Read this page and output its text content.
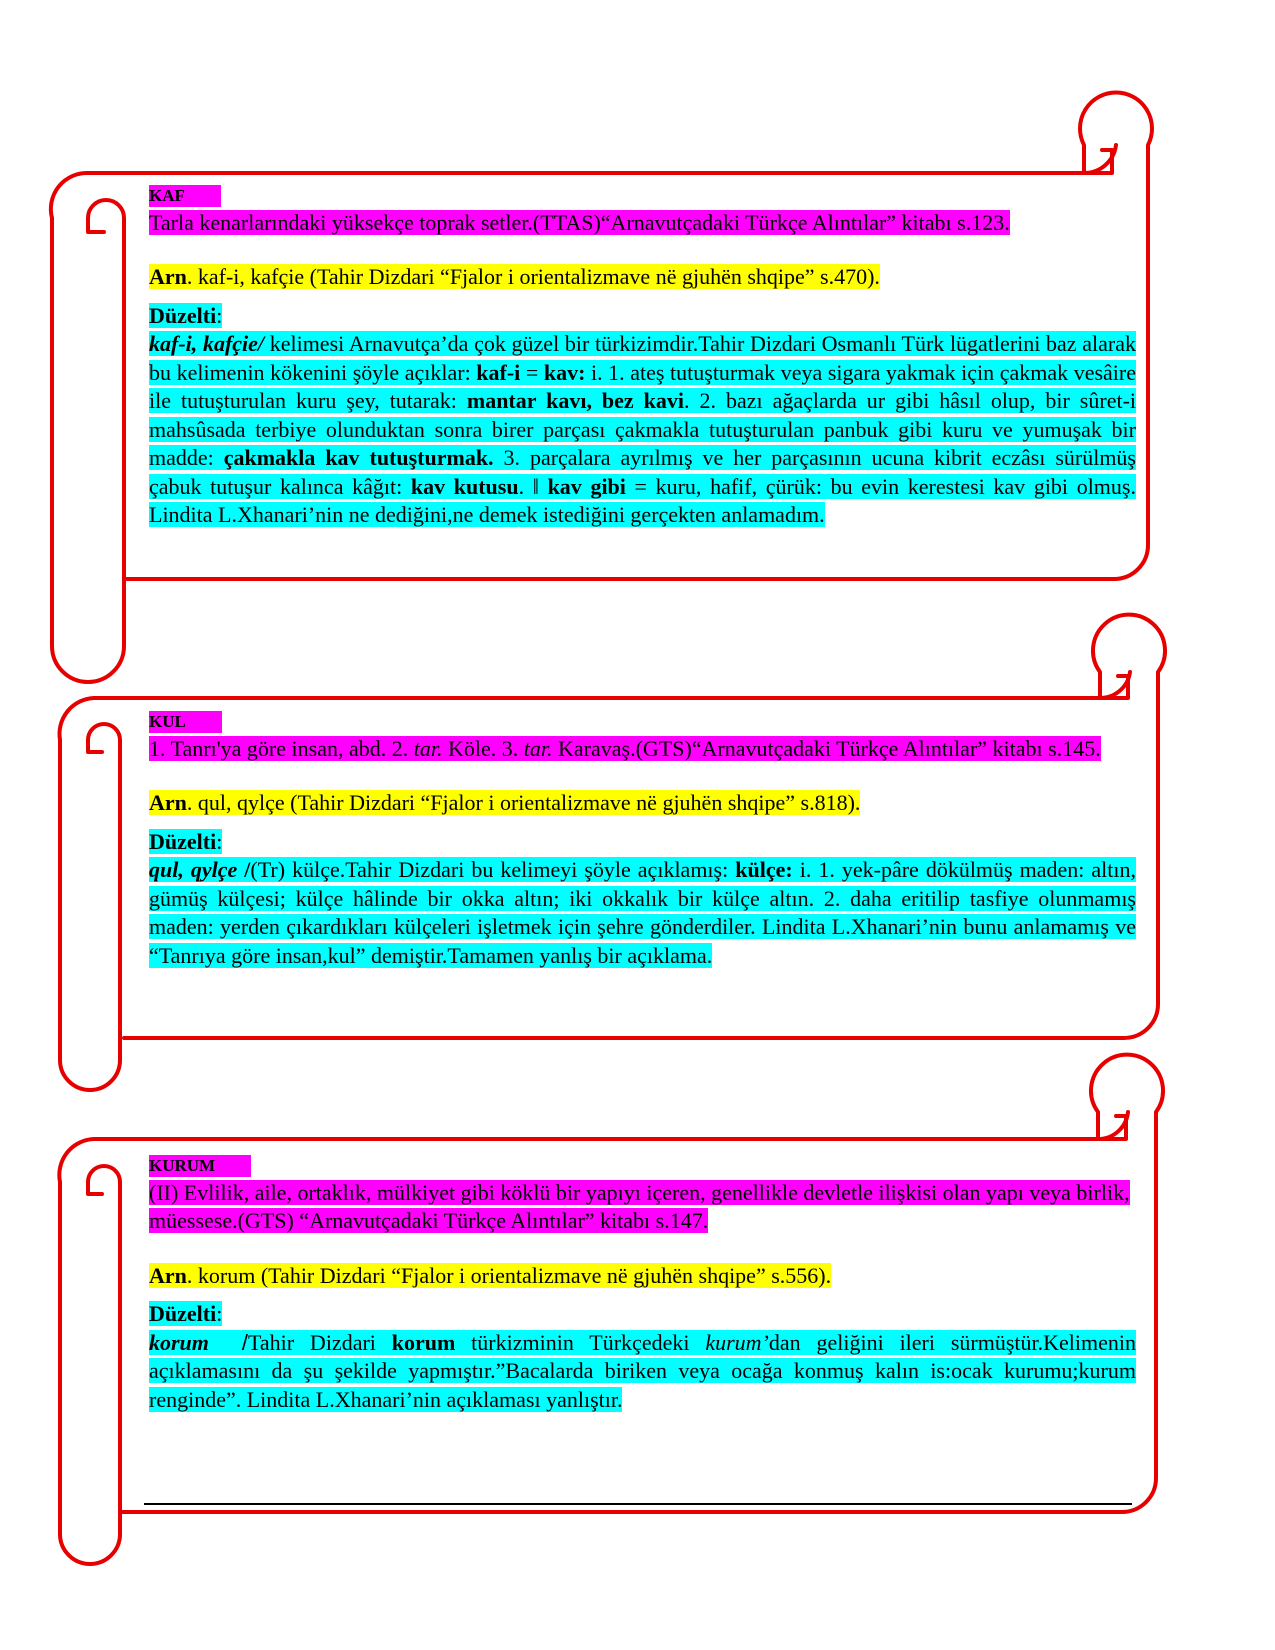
KAF

Tarla kenarlarındaki yüksekçe toprak setler.(TTAS)“Arnavutçadaki Türkçe Alıntılar” kitabı s.123.

Arn. kaf-i, kafçie (Tahir Dizdari “Fjalor i orientalizmave në gjuhën shqipe” s.470).

Düzelti:

kaf-i, kafçie/ kelimesi Arnavutça’da çok güzel bir türkizimdir.Tahir Dizdari Osmanlı Türk lügatlerini baz alarak bu kelimenin kökenini şöyle açıklar: kaf-i = kav: i. 1. ateş tutuşturmak veya sigara yakmak için çakmak vesâire ile tutuşturulan kuru şey, tutarak: mantar kavı, bez kavi. 2. bazı ağaçlarda ur gibi hâsıl olup, bir sûret-i mahsûsada terbiye olunduktan sonra birer parçası çakmakla tutuşturulan panbuk gibi kuru ve yumuşak bir madde: çakmakla kav tutuşturmak. 3. parçalara ayrılmış ve her parçasının ucuna kibrit eczâsı sürülmüş çabuk tutuşur kalınca kâğıt: kav kutusu. ǁ kav gibi = kuru, hafif, çürük: bu evin kerestesi kav gibi olmuş. Lindita L.Xhanari’nin ne dediğini,ne demek istediğini gerçekten anlamadım.

KUL

1. Tanrı'ya göre insan, abd. 2. tar. Köle. 3. tar. Karavaş.(GTS)“Arnavutçadaki Türkçe Alıntılar” kitabı s.145.

Arn. qul, qylçe (Tahir Dizdari “Fjalor i orientalizmave në gjuhën shqipe” s.818).

Düzelti:

qul, qylçe /(Tr) külçe.Tahir Dizdari bu kelimeyi şöyle açıklamış: külçe: i. 1. yek-pâre dökülmüş maden: altın, gümüş külçesi; külçe hâlinde bir okka altın; iki okkalık bir külçe altın. 2. daha eritilip tasfiye olunmamış maden: yerden çıkardıkları külçeleri işletmek için şehre gönderdiler. Lindita L.Xhanari’nin bunu anlamamış ve “Tanrıya göre insan,kul” demiştir.Tamamen yanlış bir açıklama.

KURUM

(II) Evlilik, aile, ortaklık, mülkiyet gibi köklü bir yapıyı içeren, genellikle devletle ilişkisi olan yapı veya birlik, müessese.(GTS) “Arnavutçadaki Türkçe Alıntılar” kitabı s.147.

Arn. korum (Tahir Dizdari “Fjalor i orientalizmave në gjuhën shqipe” s.556).

Düzelti:

korum  /Tahir Dizdari korum türkizminin Türkçedeki kurum’dan geliğini ileri sürmüştür.Kelimenin açıklamasını da şu şekilde yapmıştır.”Bacalarda biriken veya ocağa konmuş kalın is:ocak kurumu;kurum renginde”. Lindita L.Xhanari’nin açıklaması yanlıştır.
